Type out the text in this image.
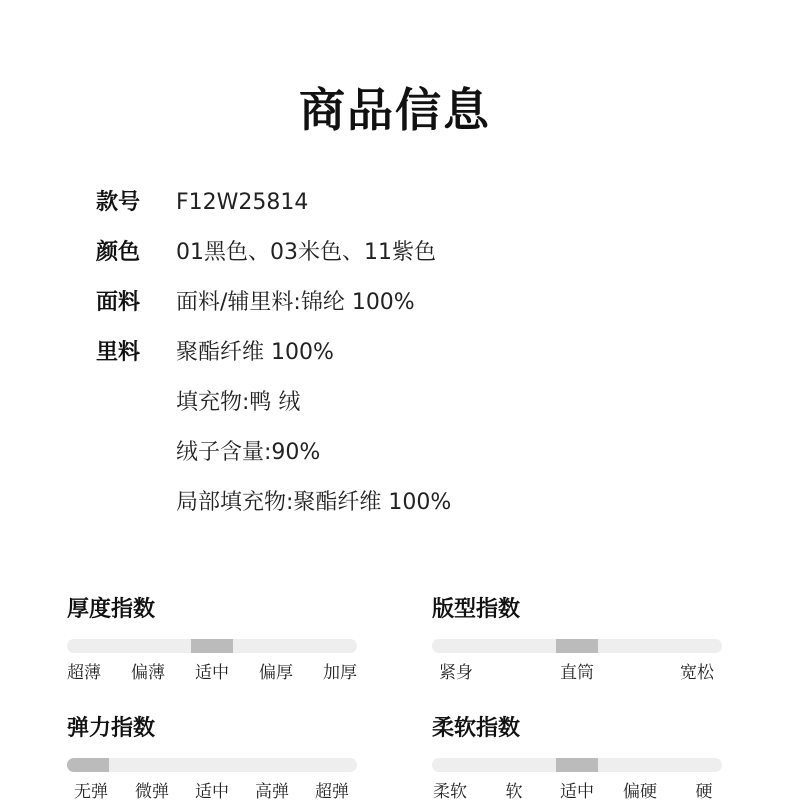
商品信息
款号	F12W25814
颜色	01黑色、03米色、11紫色
面料	面料/辅里料:锦纶 100%
里料	聚酯纤维 100%
填充物:鸭 绒
绒子含量:90%
局部填充物:聚酯纤维 100%
厚度指数
超薄 偏薄 适中 偏厚 加厚
版型指数
紧身	直筒	宽松
弹力指数
无弹 微弹 适中 高弹 超弹
柔软指数
柔软 软 适中 偏硬 硬
